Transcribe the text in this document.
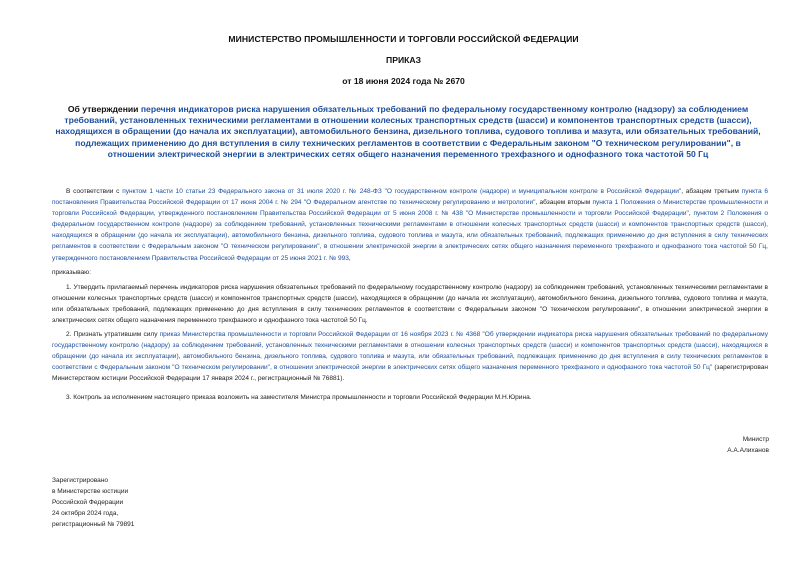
МИНИСТЕРСТВО ПРОМЫШЛЕННОСТИ И ТОРГОВЛИ РОССИЙСКОЙ ФЕДЕРАЦИИ
ПРИКАЗ
от 18 июня 2024 года № 2670
Об утверждении перечня индикаторов риска нарушения обязательных требований по федеральному государственному контролю (надзору) за соблюдением требований, установленных техническими регламентами в отношении колесных транспортных средств (шасси) и компонентов транспортных средств (шасси), находящихся в обращении (до начала их эксплуатации), автомобильного бензина, дизельного топлива, судового топлива и мазута, или обязательных требований, подлежащих применению до дня вступления в силу технических регламентов в соответствии с Федеральным законом "О техническом регулировании", в отношении электрической энергии в электрических сетях общего назначения переменного трехфазного и однофазного тока частотой 50 Гц
В соответствии с пунктом 1 части 10 статьи 23 Федерального закона от 31 июля 2020 г. № 248-ФЗ "О государственном контроле (надзоре) и муниципальном контроле в Российской Федерации", абзацем третьим пункта 6 постановления Правительства Российской Федерации от 17 июня 2004 г. № 294 "О Федеральном агентстве по техническому регулированию и метрологии", абзацем вторым пункта 1 Положения о Министерстве промышленности и торговли Российской Федерации, утвержденного постановлением Правительства Российской Федерации от 5 июня 2008 г. № 438 "О Министерстве промышленности и торговли Российской Федерации", пунктом 2 Положения о федеральном государственном контроле (надзоре) за соблюдением требований, установленных техническими регламентами в отношении колесных транспортных средств (шасси) и компонентов транспортных средств (шасси), находящихся в обращении (до начала их эксплуатации), автомобильного бензина, дизельного топлива, судового топлива и мазута, или обязательных требований, подлежащих применению до дня вступления в силу технических регламентов в соответствии с Федеральным законом "О техническом регулировании", в отношении электрической энергии в электрических сетях общего назначения переменного трехфазного и однофазного тока частотой 50 Гц, утвержденного постановлением Правительства Российской Федерации от 25 июня 2021 г. № 993,
приказываю:
1. Утвердить прилагаемый перечень индикаторов риска нарушения обязательных требований по федеральному государственному контролю (надзору) за соблюдением требований, установленных техническими регламентами в отношении колесных транспортных средств (шасси) и компонентов транспортных средств (шасси), находящихся в обращении (до начала их эксплуатации), автомобильного бензина, дизельного топлива, судового топлива и мазута, или обязательных требований, подлежащих применению до дня вступления в силу технических регламентов в соответствии с Федеральным законом "О техническом регулировании", в отношении электрической энергии в электрических сетях общего назначения переменного трехфазного и однофазного тока частотой 50 Гц.
2. Признать утратившим силу приказ Министерства промышленности и торговли Российской Федерации от 16 ноября 2023 г. № 4368 "Об утверждении индикатора риска нарушения обязательных требований по федеральному государственному контролю (надзору) за соблюдением требований, установленных техническими регламентами в отношении колесных транспортных средств (шасси) и компонентов транспортных средств (шасси), находящихся в обращении (до начала их эксплуатации), автомобильного бензина, дизельного топлива, судового топлива и мазута, или обязательных требований, подлежащих применению до дня вступления в силу технических регламентов в соответствии с Федеральным законом "О техническом регулировании", в отношении электрической энергии в электрических сетях общего назначения переменного трехфазного и однофазного тока частотой 50 Гц" (зарегистрирован Министерством юстиции Российской Федерации 17 января 2024 г., регистрационный № 76881).
3. Контроль за исполнением настоящего приказа возложить на заместителя Министра промышленности и торговли Российской Федерации М.Н.Юрина.
Министр
А.А.Алиханов
Зарегистрировано
в Министерстве юстиции
Российской Федерации
24 октября 2024 года,
регистрационный № 79891
